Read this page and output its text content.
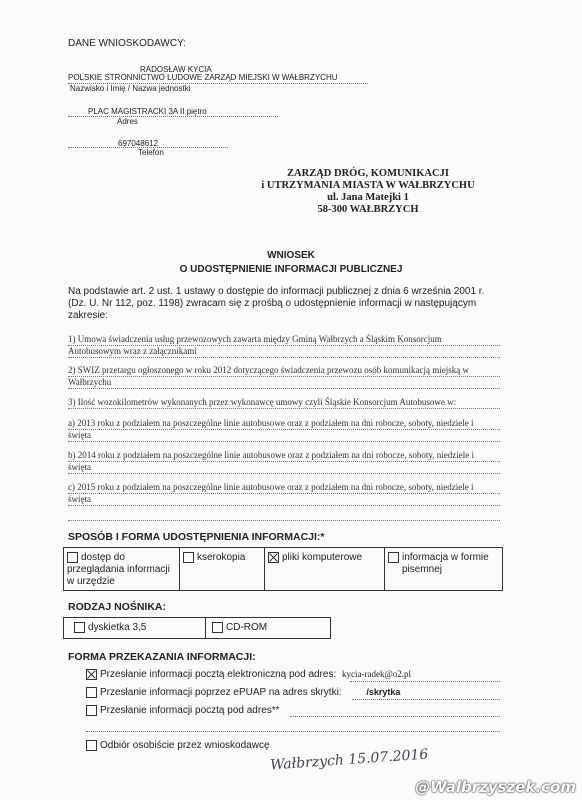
DANE WNIOSKODAWCY:
RADOSŁAW KYCIA
POLSKIE STRONNICTWO LUDOWE ZARZĄD MIEJSKI W WAŁBRZYCHU
Nazwisko i Imię / Nazwa jednostki
PLAC MAGISTRACKI 3A II piętro
Adres
697048612
Telefon
ZARZĄD DRÓG, KOMUNIKACJI
i UTRZYMANIA MIASTA W WAŁBRZYCHU
ul. Jana Matejki 1
58-300 WAŁBRZYCH
WNIOSEK
O UDOSTĘPNIENIE INFORMACJI PUBLICZNEJ
Na podstawie art. 2 ust. 1 ustawy o dostępie do informacji publicznej z dnia 6 września 2001 r.
(Dz. U. Nr 112, poz. 1198) zwracam się z prośbą o udostępnienie informacji w następującym
zakresie:
1) Umowa świadczenia usług przewozowych zawarta między Gminą Wałbrzych a Śląskim Konsorcjum
Autobusowym wraz z załącznikami
2) SWIZ przetargu ogłoszonego w roku 2012 dotyczącego świadczenia przewozu osób komunikacją miejską w
Wałbrzychu
3) Ilość wozokilometrów wykonanych przez wykonawcę umowy czyli Śląskie Konsorcjum Autobusowe w:
a) 2013 roku z podziałem na poszczególne linie autobusowe oraz z podziałem na dni robocze, soboty, niedziele i
święta
b) 2014 roku z podziałem na poszczególne linie autobusowe oraz z podziałem na dni robocze, soboty, niedziele i
święta
c) 2015 roku z podziałem na poszczególne linie autobusowe oraz z podziałem na dni robocze, soboty, niedziele i
święta
SPOSÓB I FORMA UDOSTĘPNIENIA INFORMACJI:*
dostęp do
przeglądania informacji
w urzędzie
kserokopia	pliki komputerowe	informacja w formie
pisemnej
RODZAJ NOŚNIKA:
dyskietka 3,5	CD-ROM
FORMA PRZEKAZANIA INFORMACJI:
Przesłanie informacji pocztą elektroniczną pod adres: kycia-radek@o2.pl
Przesłanie informacji poprzez ePUAP na adres skrytki:	/skrytka
Przesłanie informacji pocztą pod adres**
Odbiór osobiście przez wnioskodawcę
Wałbrzych 15.07.2016
@Walbrzyszek.com
